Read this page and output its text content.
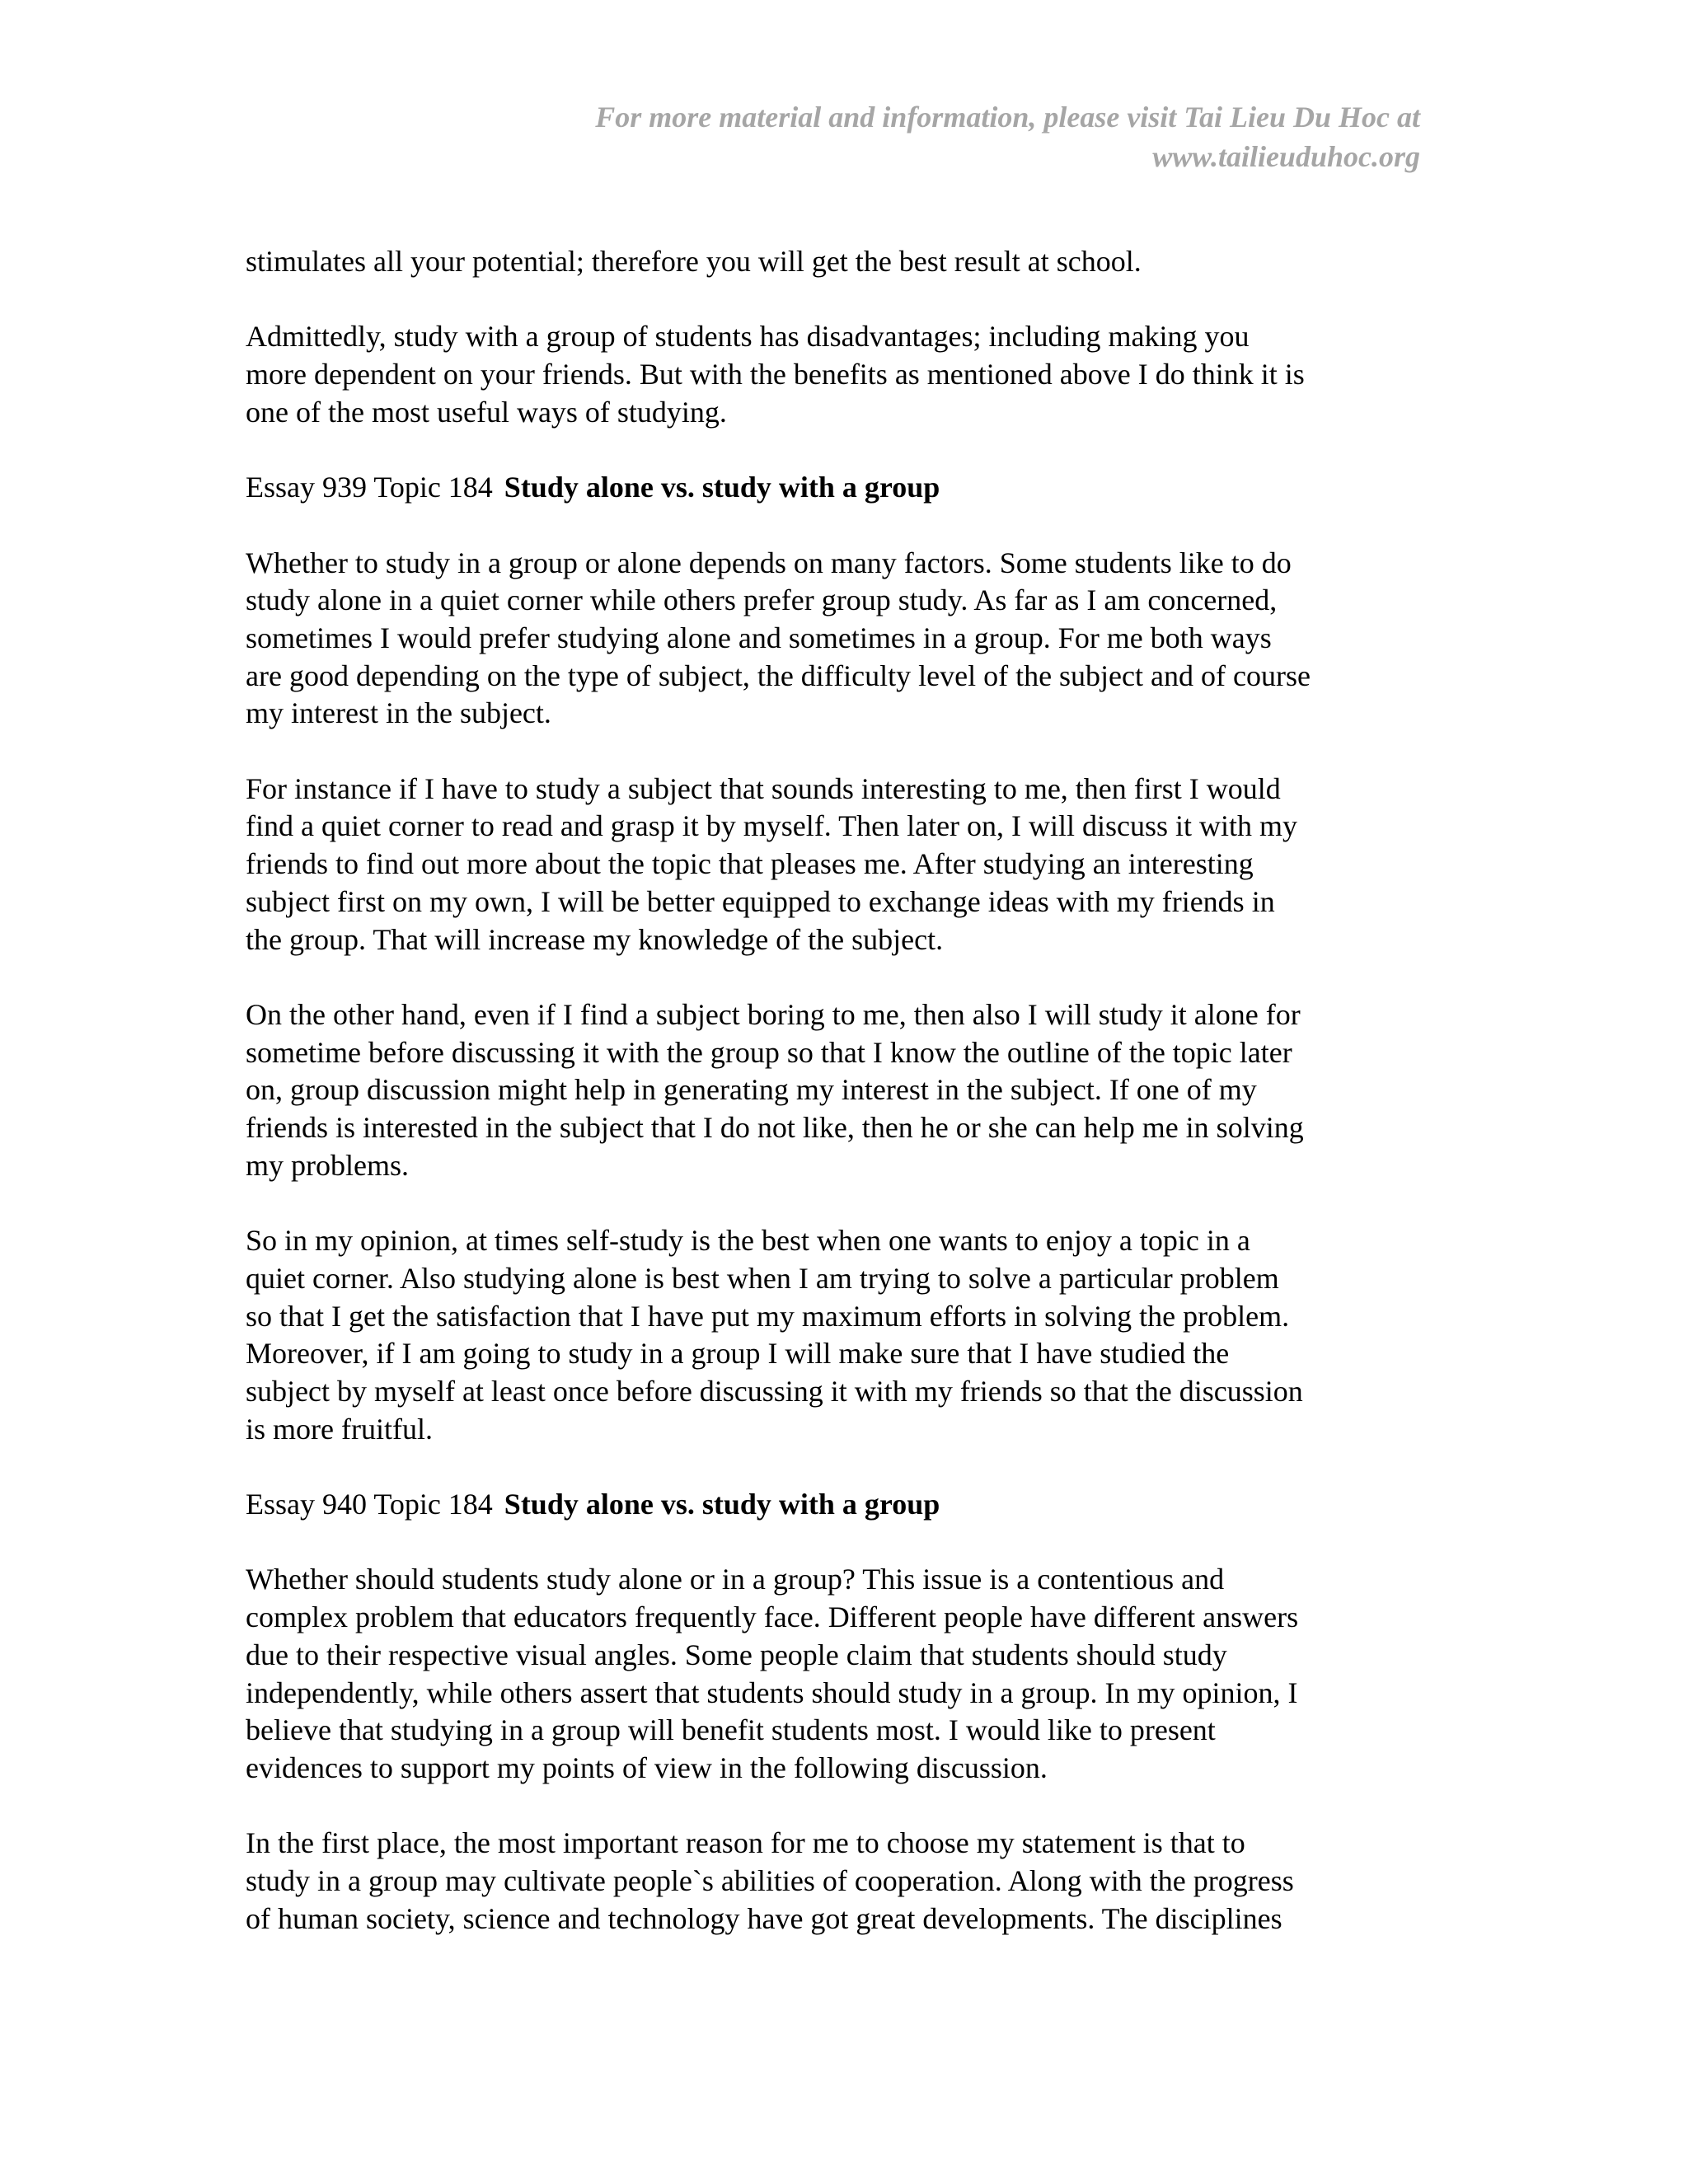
For more material and information, please visit Tai Lieu Du Hoc at
www.tailieuduhoc.org
stimulates all your potential; therefore you will get the best result at school.
Admittedly, study with a group of students has disadvantages; including making you
more dependent on your friends. But with the benefits as mentioned above I do think it is
one of the most useful ways of studying.
Essay 939 Topic 184 Study alone vs. study with a group
Whether to study in a group or alone depends on many factors. Some students like to do
study alone in a quiet corner while others prefer group study. As far as I am concerned,
sometimes I would prefer studying alone and sometimes in a group. For me both ways
are good depending on the type of subject, the difficulty level of the subject and of course
my interest in the subject.
For instance if I have to study a subject that sounds interesting to me, then first I would
find a quiet corner to read and grasp it by myself. Then later on, I will discuss it with my
friends to find out more about the topic that pleases me. After studying an interesting
subject first on my own, I will be better equipped to exchange ideas with my friends in
the group. That will increase my knowledge of the subject.
On the other hand, even if I find a subject boring to me, then also I will study it alone for
sometime before discussing it with the group so that I know the outline of the topic later
on, group discussion might help in generating my interest in the subject. If one of my
friends is interested in the subject that I do not like, then he or she can help me in solving
my problems.
So in my opinion, at times self-study is the best when one wants to enjoy a topic in a
quiet corner. Also studying alone is best when I am trying to solve a particular problem
so that I get the satisfaction that I have put my maximum efforts in solving the problem.
Moreover, if I am going to study in a group I will make sure that I have studied the
subject by myself at least once before discussing it with my friends so that the discussion
is more fruitful.
Essay 940 Topic 184 Study alone vs. study with a group
Whether should students study alone or in a group? This issue is a contentious and
complex problem that educators frequently face. Different people have different answers
due to their respective visual angles. Some people claim that students should study
independently, while others assert that students should study in a group. In my opinion, I
believe that studying in a group will benefit students most. I would like to present
evidences to support my points of view in the following discussion.
In the first place, the most important reason for me to choose my statement is that to
study in a group may cultivate people`s abilities of cooperation. Along with the progress
of human society, science and technology have got great developments. The disciplines
